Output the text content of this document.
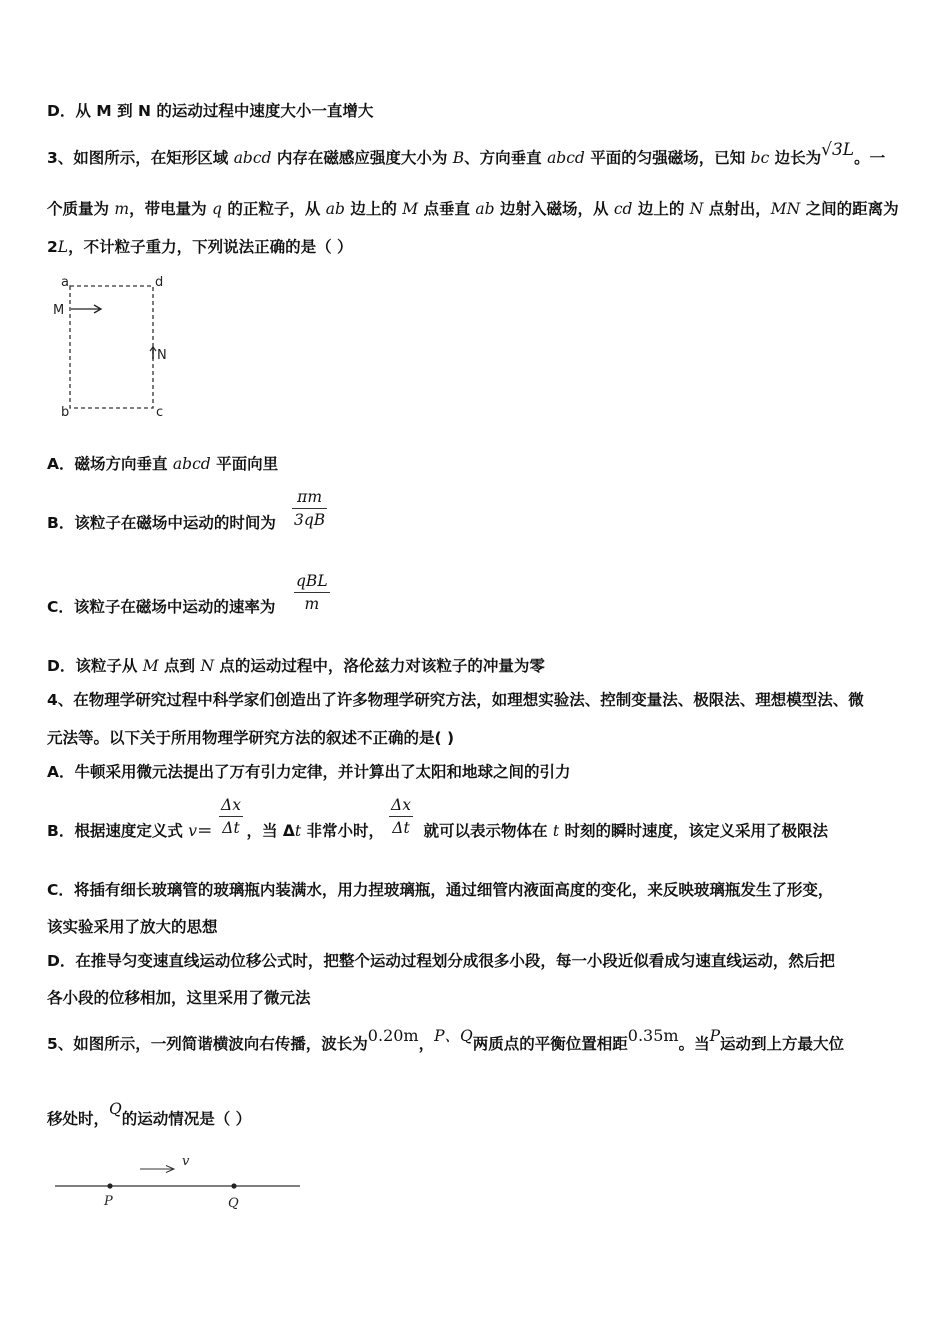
D．从 M 到 N 的运动过程中速度大小一直增大
3、如图所示，在矩形区域 abcd 内存在磁感应强度大小为 B、方向垂直 abcd 平面的匀强磁场，已知 bc 边长为√3L。一
个质量为 m，带电量为 q 的正粒子，从 ab 边上的 M 点垂直 ab 边射入磁场，从 cd 边上的 N 点射出，MN 之间的距离为
2L，不计粒子重力，下列说法正确的是（ ）
a
b	c
d
M
N
A．磁场方向垂直 abcd 平面向里
B．该粒子在磁场中运动的时间为
πm
3qB
C．该粒子在磁场中运动的速率为
qBL
m
D．该粒子从 M 点到 N 点的运动过程中，洛伦兹力对该粒子的冲量为零
4、在物理学研究过程中科学家们创造出了许多物理学研究方法，如理想实验法、控制变量法、极限法、理想模型法、微
元法等。以下关于所用物理学研究方法的叙述不正确的是( )
A．牛顿采用微元法提出了万有引力定律，并计算出了太阳和地球之间的引力
B．根据速度定义式 v＝ ，当 Δt 非常小时， 就可以表示物体在 t 时刻的瞬时速度，该定义采用了极限法
Δx
Δt
Δx
Δt
C．将插有细长玻璃管的玻璃瓶内装满水，用力捏玻璃瓶，通过细管内液面高度的变化，来反映玻璃瓶发生了形变，
该实验采用了放大的思想
D．在推导匀变速直线运动位移公式时，把整个运动过程划分成很多小段，每一小段近似看成匀速直线运动，然后把
各小段的位移相加，这里采用了微元法
5、如图所示，一列简谐横波向右传播，波长为0.20m，P、Q两质点的平衡位置相距0.35m。当P运动到上方最大位
移处时，Q的运动情况是（ ）
v
P	Q
